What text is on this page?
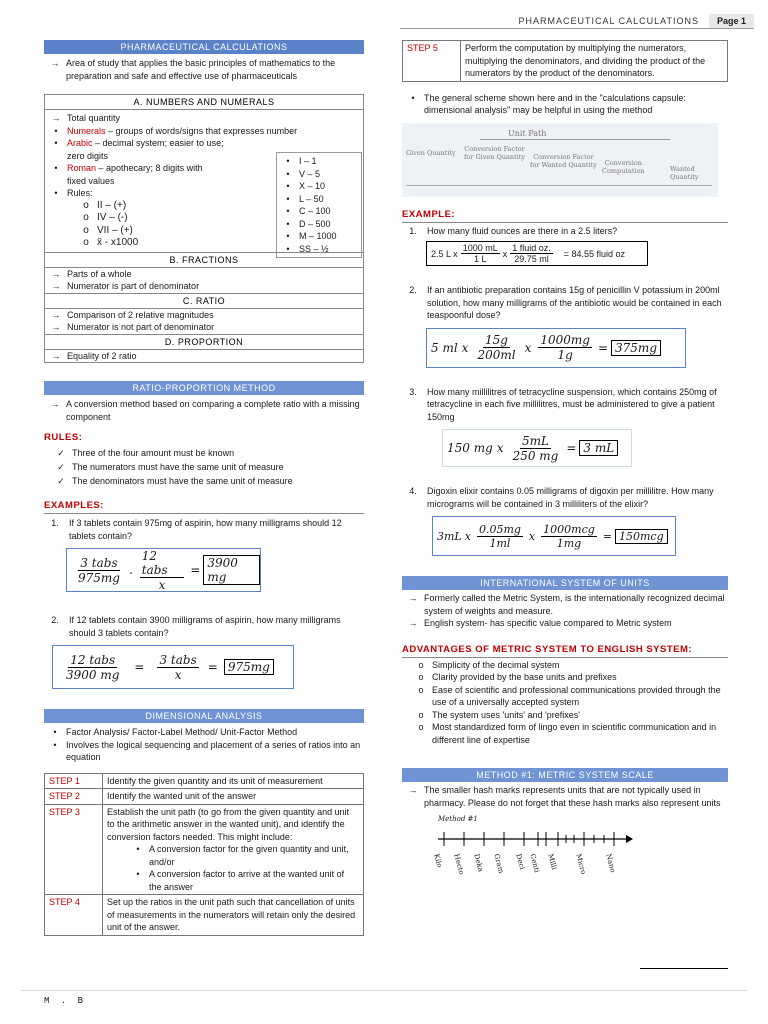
PHARMACEUTICAL CALCULATIONS	Page 1
PHARMACEUTICAL CALCULATIONS
→ Area of study that applies the basic principles of mathematics to the preparation and safe and effective use of pharmaceuticals
A. NUMBERS AND NUMERALS
→ Total quantity
•	Numerals – groups of words/signs that expresses number
•	Arabic – decimal system; easier to use;
zero digits
•	Roman – apothecary; 8 digits with
fixed values
•	Rules:
o II – (+)
o IV – (-)
o VII – (+)
o x̄ - x1000
•	I – 1
•	V – 5
•	X – 10
•	L – 50
•	C – 100
•	D – 500
•	M – 1000
•	SS – ½
B. FRACTIONS
→ Parts of a whole
→ Numerator is part of denominator
C. RATIO
→ Comparison of 2 relative magnitudes
→ Numerator is not part of denominator
D. PROPORTION
→ Equality of 2 ratio
RATIO-PROPORTION METHOD
→ A conversion method based on comparing a complete ratio with a missing component
RULES:
✓ Three of the four amount must be known
✓ The numerators must have the same unit of measure
✓ The denominators must have the same unit of measure
EXAMPLES:
1.	If 3 tablets contain 975mg of aspirin, how many milligrams should 12 tablets contain?
$\frac{\text{3 tabs}}{975mg}$ . $\frac{\text{12 tabs}}{x} = 3900$ mg
2.	If 12 tablets contain 3900 milligrams of aspirin, how many milligrams should 3 tablets contain?
$\frac{\text{12 tabs}}{3900 mg} = \frac{\text{3 tabs}}{x} = 975mg$
DIMENSIONAL ANALYSIS
•	Factor Analysis/ Factor-Label Method/ Unit-Factor Method
•	Involves the logical sequencing and placement of a series of ratios into an equation
STEP 1	Identify the given quantity and its unit of measurement
STEP 2	Identify the wanted unit of the answer
STEP 3	Establish the unit path (to go from the given quantity and unit to the arithmetic answer in the wanted unit), and identify the conversion factors needed. This might include:
• A conversion factor for the given quantity and unit, and/or
• A conversion factor to arrive at the wanted unit of the answer

STEP 4	Set up the ratios in the unit path such that cancellation of units of measurements in the numerators will retain only the desired unit of the answer.
STEP 5	Perform the computation by multiplying the numerators, multiplying the denominators, and dividing the product of the numerators by the product of the denominators.
•	The general scheme shown here and in the "calculations capsule: dimensional analysis" may be helpful in using the method
Unit Path
Given Quantity Conversion Factor
for Given Quantity	Conversion Factor
for Wanted Quantity	Conversion
Computation	Wanted Quantity
EXAMPLE:
1.	How many fluid ounces are there in a 2.5 liters?
2.5 L x $\frac{1000 mL}{1 L}$ x $\frac{\text{1 fluid oz.}}{29.75 ml} = 84.55$ fluid oz
2.	If an antibiotic preparation contains 15g of penicillin V potassium in 200ml solution, how many milligrams of the antibiotic would be contained in each teaspoonful dose?
5 ml x $\frac{15g}{200ml}$ x $\frac{1000mg}{1g} = 375mg$
3.	How many millilitres of tetracycline suspension, which contains 250mg of tetracycline in each five millilitres, must be administered to give a patient 150mg
150 mg x $\frac{5mL}{250 mg} = 3$ mL
4.	Digoxin elixir contains 0.05 milligrams of digoxin per millilitre. How many micrograms will be contained in 3 milliliters of the elixir?
3mL x $\frac{0.05mg}{1ml}$ x $\frac{\text{1000mcg}}{1mg} = 150mcg$
INTERNATIONAL SYSTEM OF UNITS
→ Formerly called the Metric System, is the internationally recognized decimal system of weights and measure.
→ English system- has specific value compared to Metric system
ADVANTAGES OF METRIC SYSTEM TO ENGLISH SYSTEM:
o Simplicity of the decimal system
o Clarity provided by the base units and prefixes
o Ease of scientific and professional communications provided through the use of a universally accepted system
o The system uses 'units' and 'prefixes'
o Most standardized form of lingo even in scientific communication and in different line of expertise
METHOD #1: METRIC SYSTEM SCALE
→ The smaller hash marks represents units that are not typically used in pharmacy. Please do not forget that these hash marks also represent units
Method #1
Kilo Hecto Deka Gram Deci Centi Milli Micro Nano
M . B
